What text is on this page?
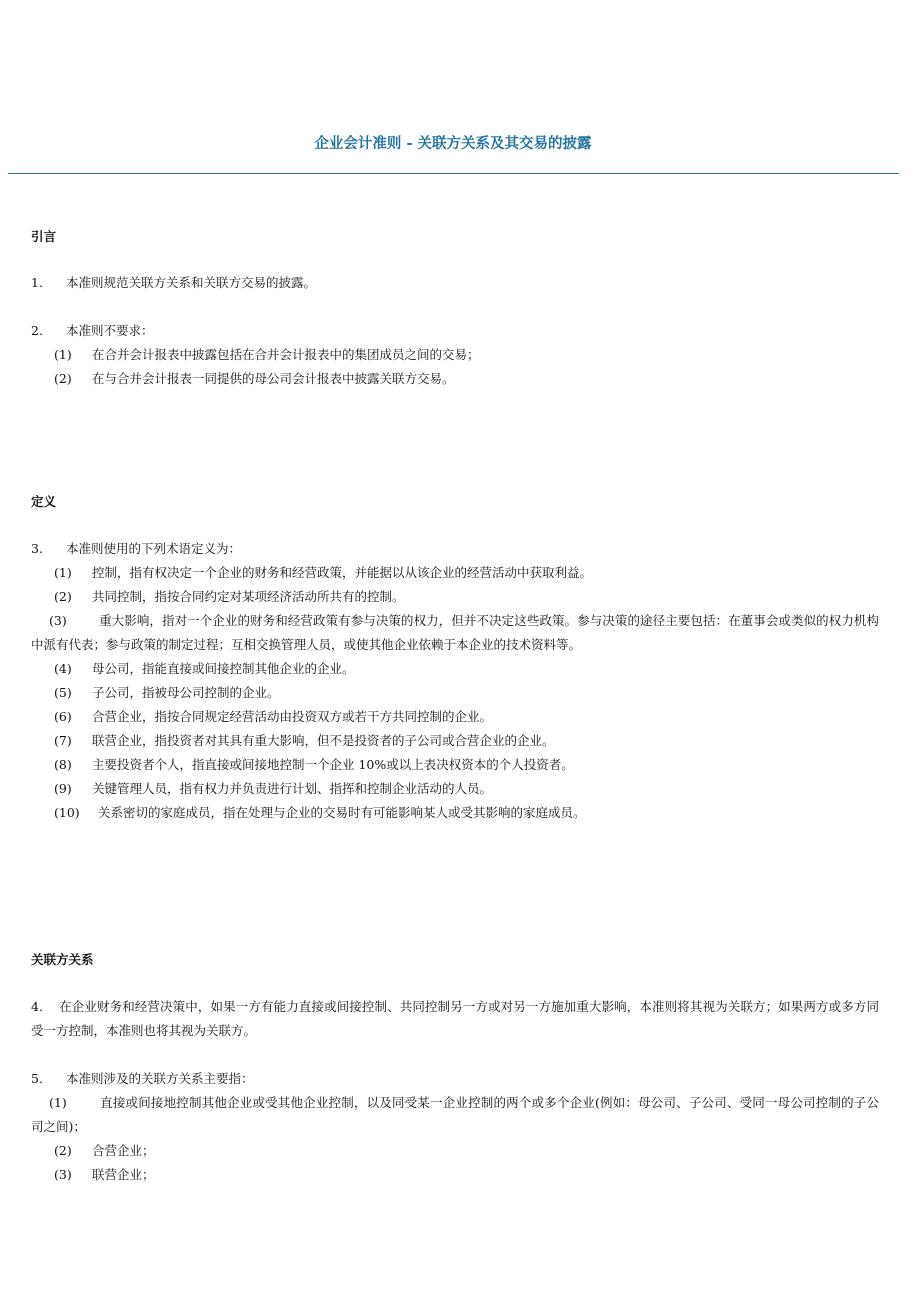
企业会计准则 - 关联方关系及其交易的披露
引言
1. 本准则规范关联方关系和关联方交易的披露。
2. 本准则不要求：
(1) 在合并会计报表中披露包括在合并会计报表中的集团成员之间的交易；
(2) 在与合并会计报表一同提供的母公司会计报表中披露关联方交易。
定义
3. 本准则使用的下列术语定义为：
(1) 控制，指有权决定一个企业的财务和经营政策，并能据以从该企业的经营活动中获取利益。
(2) 共同控制，指按合同约定对某项经济活动所共有的控制。
(3)	重大影响，指对一个企业的财务和经营政策有参与决策的权力，但并不决定这些政策。参与决策的途径主要包括：在董事会或类似的权力机构中派有代表；参与政策的制定过程；互相交换管理人员，或使其他企业依赖于本企业的技术资料等。
(4) 母公司，指能直接或间接控制其他企业的企业。
(5) 子公司，指被母公司控制的企业。
(6) 合营企业，指按合同规定经营活动由投资双方或若干方共同控制的企业。
(7) 联营企业，指投资者对其具有重大影响，但不是投资者的子公司或合营企业的企业。
(8) 主要投资者个人，指直接或间接地控制一个企业 10%或以上表决权资本的个人投资者。
(9) 关键管理人员，指有权力并负责进行计划、指挥和控制企业活动的人员。
(10) 关系密切的家庭成员，指在处理与企业的交易时有可能影响某人或受其影响的家庭成员。
关联方关系
4. 在企业财务和经营决策中，如果一方有能力直接或间接控制、共同控制另一方或对另一方施加重大影响，本准则将其视为关联方；如果两方或多方同受一方控制，本准则也将其视为关联方。
5. 本准则涉及的关联方关系主要指：
(1)	直接或间接地控制其他企业或受其他企业控制，以及同受某一企业控制的两个或多个企业(例如：母公司、子公司、受同一母公司控制的子公司之间)；
(2) 合营企业；
(3) 联营企业；
